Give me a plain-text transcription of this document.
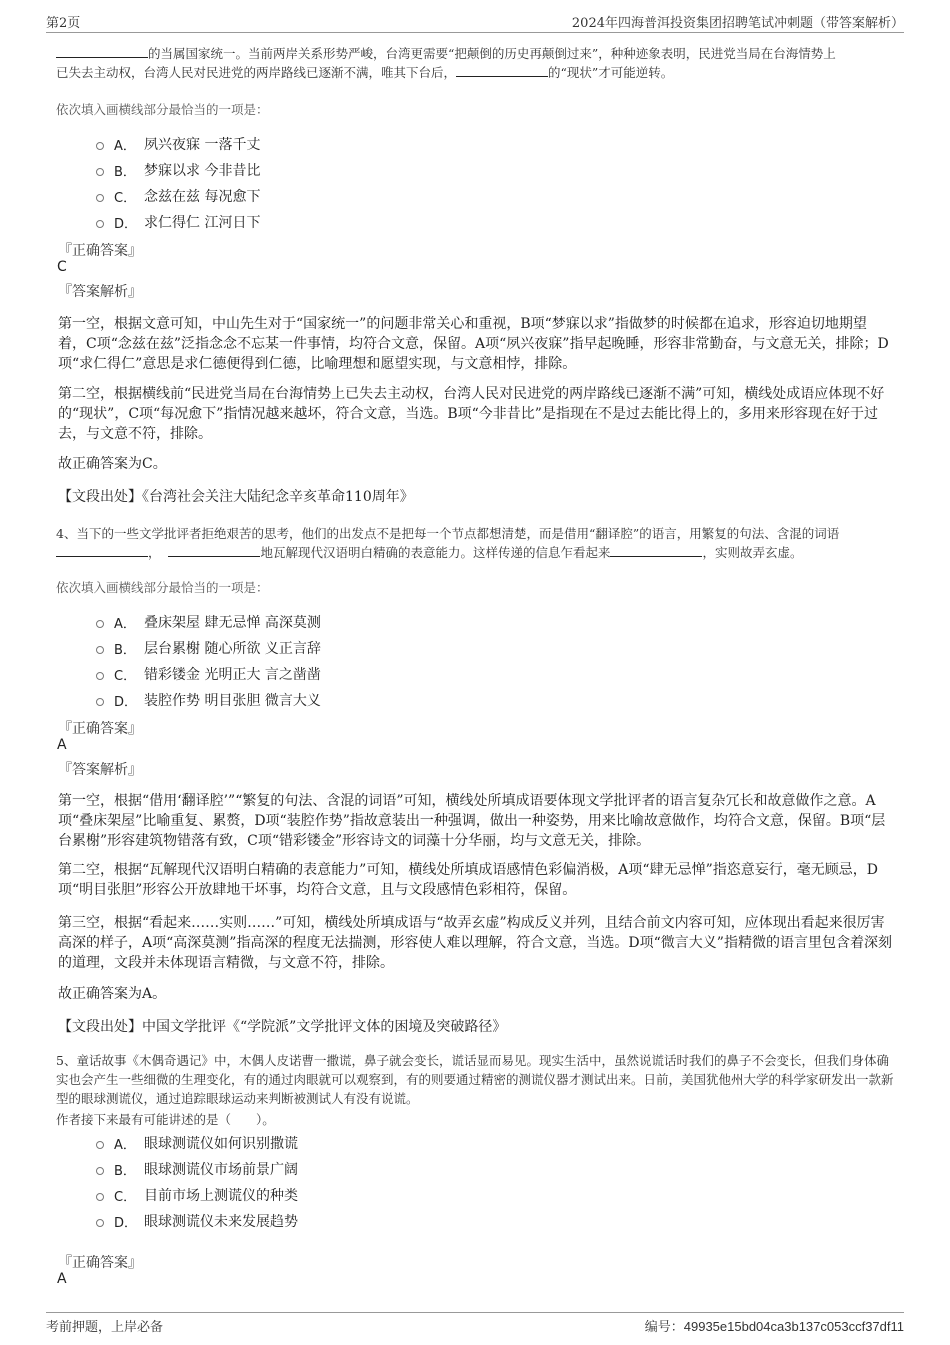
第2页	2024年四海普洱投资集团招聘笔试冲刺题（带答案解析）
的当属国家统一。当前两岸关系形势严峻，台湾更需要“把颠倒的历史再颠倒过来”，种种迹象表明，民进党当局在台海情势上
已失去主动权，台湾人民对民进党的两岸路线已逐渐不满，唯其下台后，	的“现状”才可能逆转。
依次填入画横线部分最恰当的一项是：
A． 夙兴夜寐 一落千丈
B． 梦寐以求 今非昔比
C． 念兹在兹 每况愈下
D． 求仁得仁 江河日下
『正确答案』
C
『答案解析』
第一空，根据文意可知，中山先生对于“国家统一”的问题非常关心和重视，B项“梦寐以求”指做梦的时候都在追求，形容迫切地期望着，C项“念兹在兹”泛指念念不忘某一件事情，均符合文意，保留。A项“夙兴夜寐”指早起晚睡，形容非常勤奋，与文意无关，排除；D项“求仁得仁”意思是求仁德便得到仁德，比喻理想和愿望实现，与文意相悖，排除。
第二空，根据横线前“民进党当局在台海情势上已失去主动权，台湾人民对民进党的两岸路线已逐渐不满”可知，横线处成语应体现不好的“现状”，C项“每况愈下”指情况越来越坏，符合文意，当选。B项“今非昔比”是指现在不是过去能比得上的，多用来形容现在好于过去，与文意不符，排除。
故正确答案为C。
【文段出处】《台湾社会关注大陆纪念辛亥革命110周年》
4、当下的一些文学批评者拒绝艰苦的思考，他们的出发点不是把每一个节点都想清楚，而是借用“翻译腔”的语言，用繁复的句法、含混的词语
，	地瓦解现代汉语明白精确的表意能力。这样传递的信息乍看起来	，实则故弄玄虚。
依次填入画横线部分最恰当的一项是：
A． 叠床架屋 肆无忌惮 高深莫测
B． 层台累榭 随心所欲 义正言辞
C． 错彩镂金 光明正大 言之凿凿
D． 装腔作势 明目张胆 微言大义
『正确答案』
A
『答案解析』
第一空，根据“借用‘翻译腔’”“繁复的句法、含混的词语”可知，横线处所填成语要体现文学批评者的语言复杂冗长和故意做作之意。A项“叠床架屋”比喻重复、累赘，D项“装腔作势”指故意装出一种强调，做出一种姿势，用来比喻故意做作，均符合文意，保留。B项“层台累榭”形容建筑物错落有致，C项“错彩镂金”形容诗文的词藻十分华丽，均与文意无关，排除。
第二空，根据“瓦解现代汉语明白精确的表意能力”可知，横线处所填成语感情色彩偏消极，A项“肆无忌惮”指恣意妄行，毫无顾忌，D项“明目张胆”形容公开放肆地干坏事，均符合文意，且与文段感情色彩相符，保留。
第三空，根据“看起来……实则……”可知，横线处所填成语与“故弄玄虚”构成反义并列，且结合前文内容可知，应体现出看起来很厉害高深的样子，A项“高深莫测”指高深的程度无法揣测，形容使人难以理解，符合文意，当选。D项“微言大义”指精微的语言里包含着深刻的道理，文段并未体现语言精微，与文意不符，排除。
故正确答案为A。
【文段出处】中国文学批评《“学院派”文学批评文体的困境及突破路径》
5、童话故事《木偶奇遇记》中，木偶人皮诺曹一撒谎，鼻子就会变长，谎话显而易见。现实生活中，虽然说谎话时我们的鼻子不会变长，但我们身体确实也会产生一些细微的生理变化，有的通过肉眼就可以观察到，有的则要通过精密的测谎仪器才测试出来。日前，美国犹他州大学的科学家研发出一款新型的眼球测谎仪，通过追踪眼球运动来判断被测试人有没有说谎。
作者接下来最有可能讲述的是（　　）。
A． 眼球测谎仪如何识别撒谎
B． 眼球测谎仪市场前景广阔
C． 目前市场上测谎仪的种类
D． 眼球测谎仪未来发展趋势
『正确答案』
A
考前押题，上岸必备	编号：49935e15bd04ca3b137c053ccf37df11
